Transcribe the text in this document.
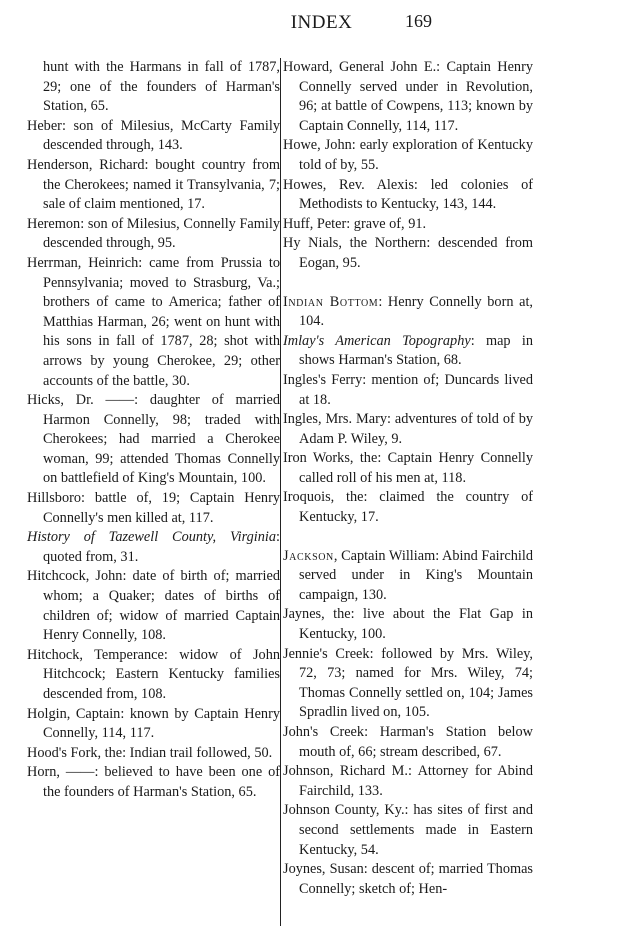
INDEX	169

hunt with the Harmans in fall of 1787, 29; one of the founders of Harman's Station, 65.

Heber: son of Milesius, McCarty Family descended through, 143.

Henderson, Richard: bought country from the Cherokees; named it Transylvania, 7; sale of claim mentioned, 17.

Heremon: son of Milesius, Connelly Family descended through, 95.

Herrman, Heinrich: came from Prussia to Pennsylvania; moved to Strasburg, Va.; brothers of came to America; father of Matthias Harman, 26; went on hunt with his sons in fall of 1787, 28; shot with arrows by young Cherokee, 29; other accounts of the battle, 30.

Hicks, Dr. ——: daughter of married Harmon Connelly, 98; traded with Cherokees; had married a Cherokee woman, 99; attended Thomas Connelly on battlefield of King's Mountain, 100.

Hillsboro: battle of, 19; Captain Henry Connelly's men killed at, 117.

History of Tazewell County, Virginia: quoted from, 31.

Hitchcock, John: date of birth of; married whom; a Quaker; dates of births of children of; widow of married Captain Henry Connelly, 108.

Hitchock, Temperance: widow of John Hitchcock; Eastern Kentucky families descended from, 108.

Holgin, Captain: known by Captain Henry Connelly, 114, 117.

Hood's Fork, the: Indian trail followed, 50.

Horn, ——: believed to have been one of the founders of Harman's Station, 65.

Howard, General John E.: Captain Henry Connelly served under in Revolution, 96; at battle of Cowpens, 113; known by Captain Connelly, 114, 117.

Howe, John: early exploration of Kentucky told of by, 55.

Howes, Rev. Alexis: led colonies of Methodists to Kentucky, 143, 144.

Huff, Peter: grave of, 91.

Hy Nials, the Northern: descended from Eogan, 95.

Indian Bottom: Henry Connelly born at, 104.

Imlay's American Topography: map in shows Harman's Station, 68.

Ingles's Ferry: mention of; Duncards lived at 18.

Ingles, Mrs. Mary: adventures of told of by Adam P. Wiley, 9.

Iron Works, the: Captain Henry Connelly called roll of his men at, 118.

Iroquois, the: claimed the country of Kentucky, 17.

Jackson, Captain William: Abind Fairchild served under in King's Mountain campaign, 130.

Jaynes, the: live about the Flat Gap in Kentucky, 100.

Jennie's Creek: followed by Mrs. Wiley, 72, 73; named for Mrs. Wiley, 74; Thomas Connelly settled on, 104; James Spradlin lived on, 105.

John's Creek: Harman's Station below mouth of, 66; stream described, 67.

Johnson, Richard M.: Attorney for Abind Fairchild, 133.

Johnson County, Ky.: has sites of first and second settlements made in Eastern Kentucky, 54.

Joynes, Susan: descent of; married Thomas Connelly; sketch of; Hen-
